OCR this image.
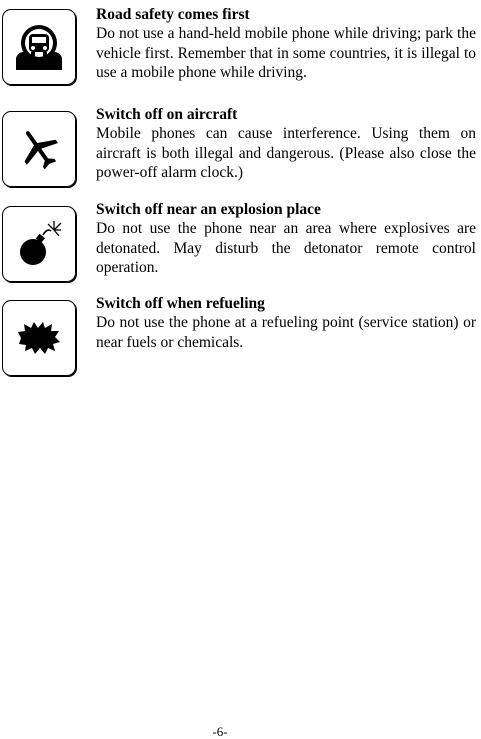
Road safety comes first

Do not use a hand-held mobile phone while driving; park the vehicle first. Remember that in some countries, it is illegal to use a mobile phone while driving.

Switch off on aircraft

Mobile phones can cause interference. Using them on aircraft is both illegal and dangerous. (Please also close the power-off alarm clock.)

Switch off near an explosion place

Do not use the phone near an area where explosives are detonated. May disturb the detonator remote control operation.

Switch off when refueling

Do not use the phone at a refueling point (service station) or near fuels or chemicals.

-6-
